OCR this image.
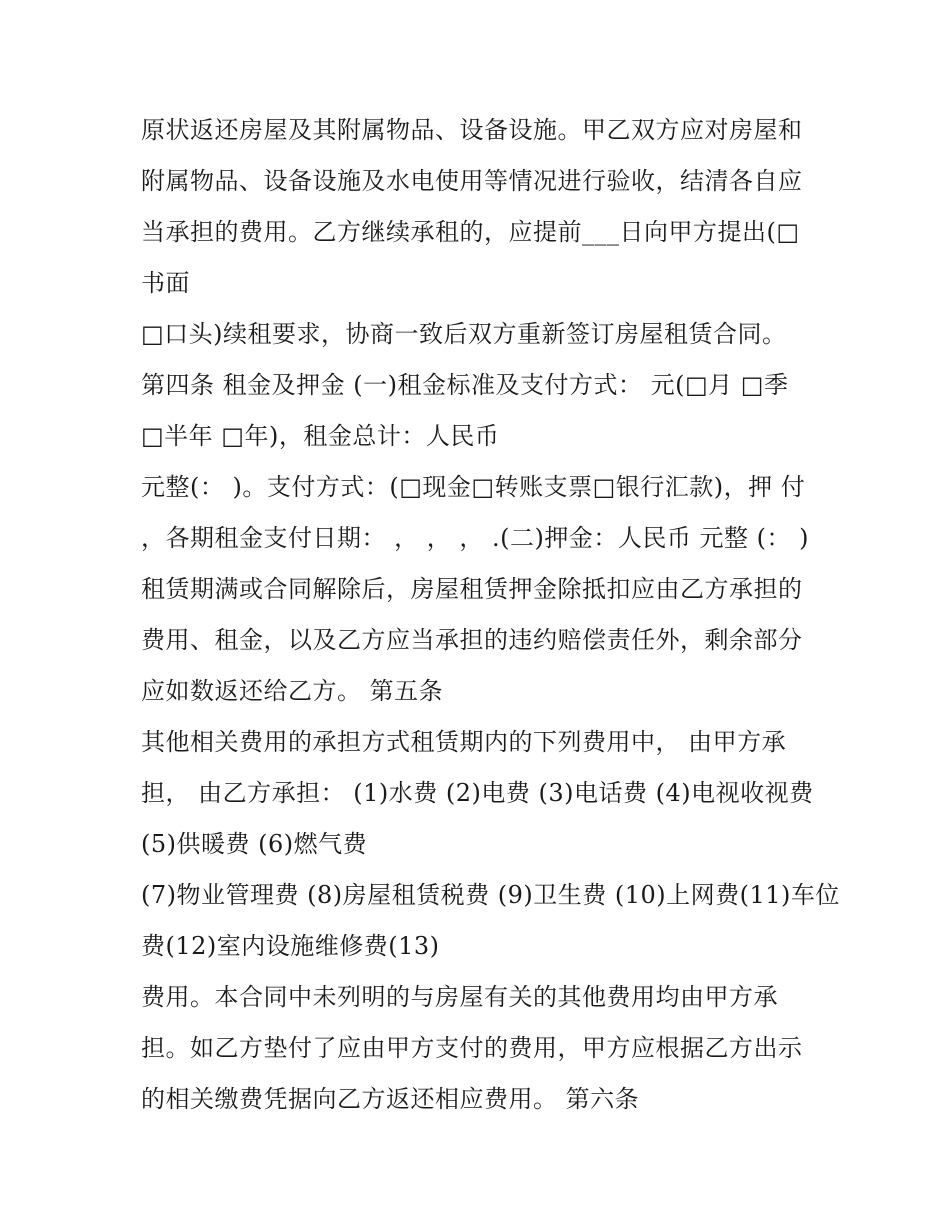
原状返还房屋及其附属物品、设备设施。甲乙双方应对房屋和
附属物品、设备设施及水电使用等情况进行验收，结清各自应
当承担的费用。乙方继续承租的，应提前___日向甲方提出(□
书面
□口头)续租要求，协商一致后双方重新签订房屋租赁合同。
第四条 租金及押金 (一)租金标准及支付方式： 元(□月 □季
□半年 □年)，租金总计：人民币
元整(： )。支付方式：(□现金□转账支票□银行汇款)，押 付
，各期租金支付日期： ， ， ， .(二)押金：人民币 元整 (： )
租赁期满或合同解除后，房屋租赁押金除抵扣应由乙方承担的
费用、租金，以及乙方应当承担的违约赔偿责任外，剩余部分
应如数返还给乙方。 第五条
其他相关费用的承担方式租赁期内的下列费用中， 由甲方承
担， 由乙方承担： (1)水费 (2)电费 (3)电话费 (4)电视收视费
(5)供暖费 (6)燃气费
(7)物业管理费 (8)房屋租赁税费 (9)卫生费 (10)上网费(11)车位
费(12)室内设施维修费(13)
费用。本合同中未列明的与房屋有关的其他费用均由甲方承
担。如乙方垫付了应由甲方支付的费用，甲方应根据乙方出示
的相关缴费凭据向乙方返还相应费用。 第六条
